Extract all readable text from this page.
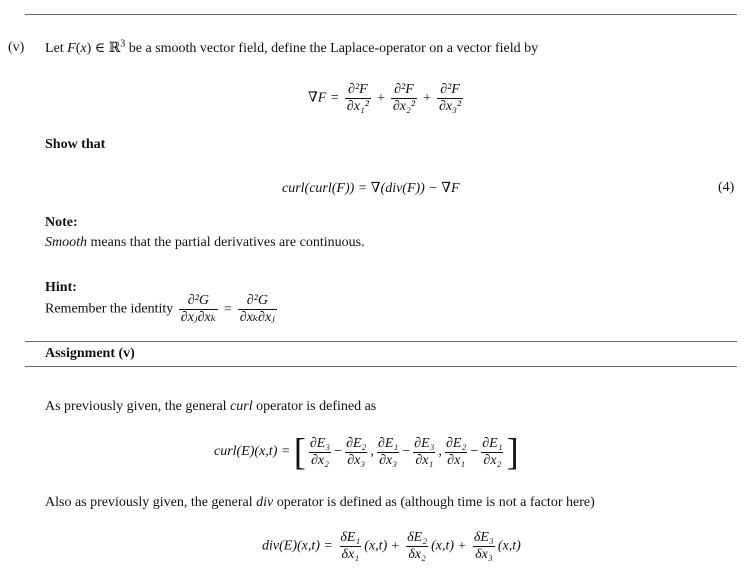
(v) Let F(x) ∈ ℝ$^3$ be a smooth vector field, define the Laplace-operator on a vector field by
$\nabla F = \frac{\text{∂²F}}{\text{∂x₁²}} + \frac{\text{∂²F}}{\text{∂x₂²}} + \frac{\text{∂²F}}{\text{∂x₃²}}$
Show that
curl(curl(F)) = ∇(div(F)) − ∇F	(4)
Note:
Smooth means that the partial derivatives are continuous.
Hint:
Remember the identity $\frac{\text{∂²G}}{\text{∂xⱼ∂xₖ}} = \frac{\text{∂²G}}{\text{∂xₖ∂xⱼ}}$
Assignment (v)
As previously given, the general curl operator is defined as
curl(E)(x,t) = [ $\frac{\text{∂E₃}}{\text{∂x₂}} - \frac{\text{∂E₂}}{\text{∂x₃}}$ , $\frac{\text{∂E₁}}{\text{∂x₃}} - \frac{\text{∂E₃}}{\text{∂x₁}}$ , $\frac{\text{∂E₂}}{\text{∂x₁}} - \frac{\text{∂E₁}}{\text{∂x₂}}$ ]
Also as previously given, the general div operator is defined as (although time is not a factor here)
$div(E)(x,t) = \frac{\text{δE₁}}{\text{δx₁}} (x,t) + \frac{\text{δE₂}}{\text{δx₂}} (x,t) + \frac{\text{δE₃}}{\text{δx₃}} (x,t)$
